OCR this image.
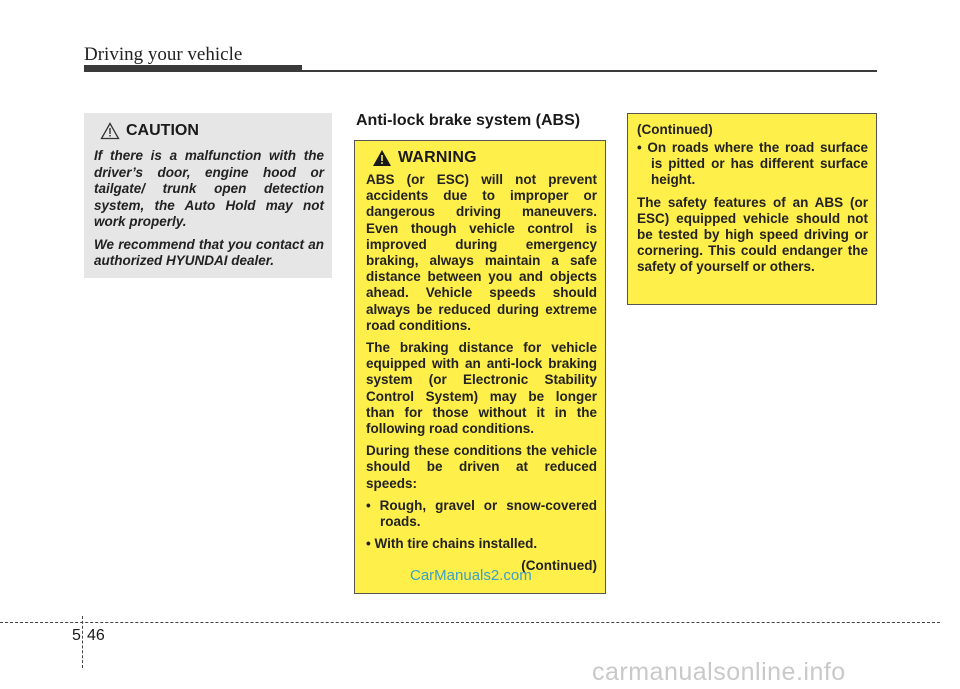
Driving your vehicle
CAUTION

If there is a malfunction with the driver’s door, engine hood or tailgate/ trunk open detection system, the Auto Hold may not work properly.

We recommend that you contact an authorized HYUNDAI dealer.

Anti-lock brake system (ABS)
WARNING

ABS (or ESC) will not prevent accidents due to improper or dangerous driving maneuvers. Even though vehicle control is improved during emergency braking, always maintain a safe distance between you and objects ahead. Vehicle speeds should always be reduced during extreme road conditions.

The braking distance for vehicle equipped with an anti-lock braking system (or Electronic Stability Control System) may be longer than for those without it in the following road conditions.

During these conditions the vehicle should be driven at reduced speeds:

• Rough, gravel or snow-covered roads.

• With tire chains installed.

(Continued)

(Continued)

• On roads where the road surface is pitted or has different surface height.

The safety features of an ABS (or ESC) equipped vehicle should not be tested by high speed driving or cornering. This could endanger the safety of yourself or others.

CarManuals2.com
5 46
carmanualsonline.info
